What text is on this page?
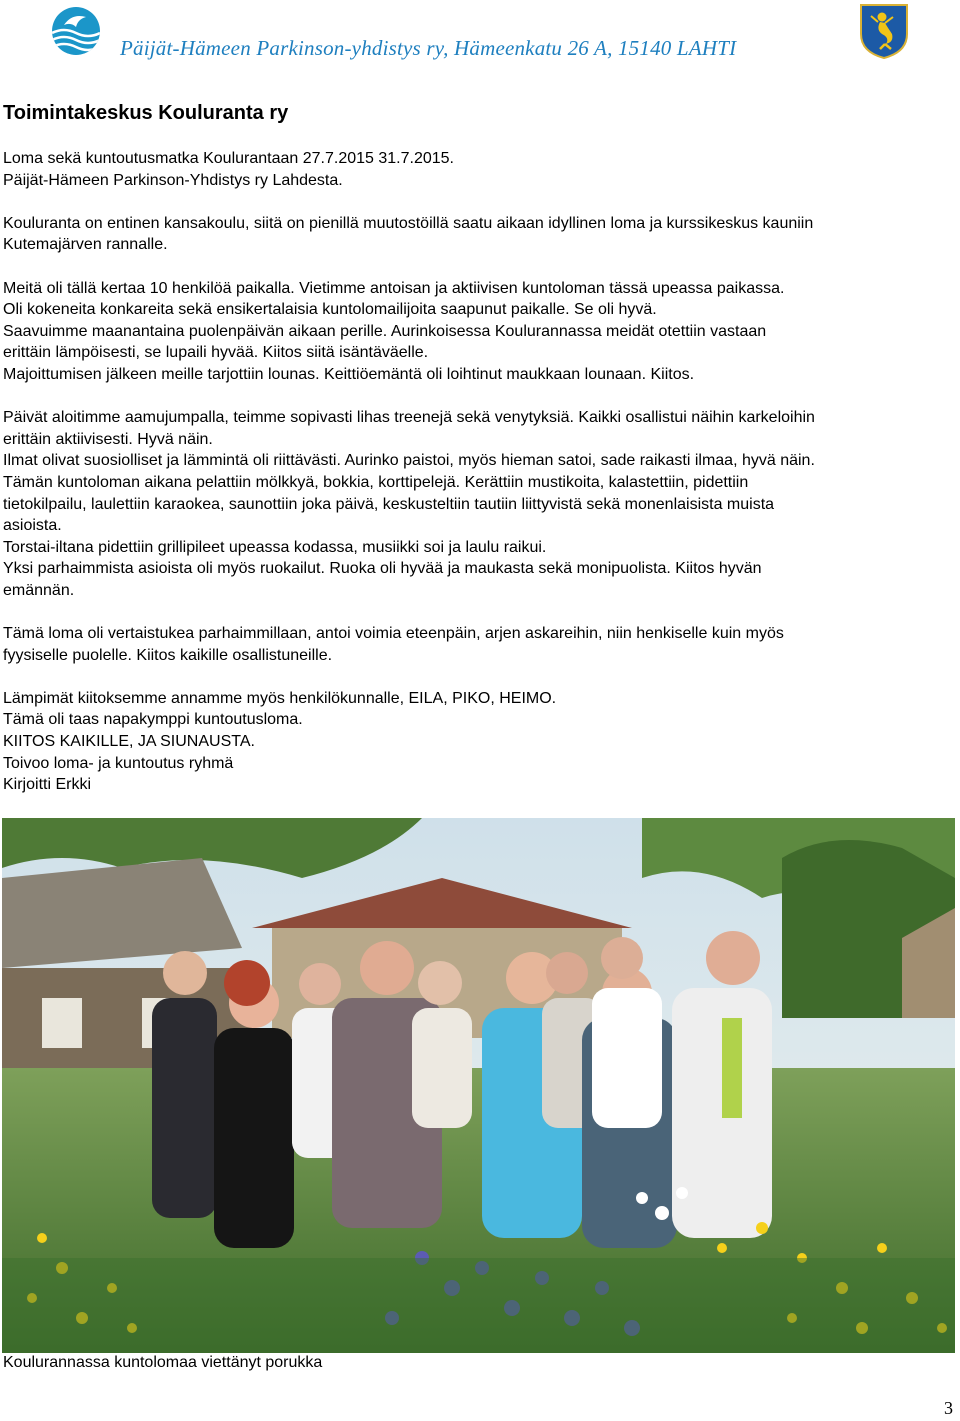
Päijät-Hämeen Parkinson-yhdistys ry, Hämeenkatu 26 A, 15140 LAHTI
Toimintakeskus Kouluranta ry

Loma sekä kuntoutusmatka Koulurantaan 27.7.2015 31.7.2015.
Päijät-Hämeen Parkinson-Yhdistys ry Lahdesta.

Kouluranta on entinen kansakoulu, siitä on pienillä muutostöillä saatu aikaan idyllinen loma ja kurssikeskus kauniin
Kutemajärven rannalle.

Meitä oli tällä kertaa 10 henkilöä paikalla. Vietimme antoisan ja aktiivisen kuntoloman tässä upeassa paikassa.
Oli kokeneita konkareita sekä ensikertalaisia kuntolomailijoita saapunut paikalle. Se oli hyvä.
Saavuimme maanantaina puolenpäivän aikaan perille. Aurinkoisessa Koulurannassa meidät otettiin vastaan
erittäin lämpöisesti, se lupaili hyvää. Kiitos siitä isäntäväelle.
Majoittumisen jälkeen meille tarjottiin lounas. Keittiöemäntä oli loihtinut maukkaan lounaan. Kiitos.

Päivät aloitimme aamujumpalla, teimme sopivasti lihas treenejä sekä venytyksiä. Kaikki osallistui näihin karkeloihin
erittäin aktiivisesti. Hyvä näin.
Ilmat olivat suosiolliset ja lämmintä oli riittävästi. Aurinko paistoi, myös hieman satoi, sade raikasti ilmaa, hyvä näin.
Tämän kuntoloman aikana pelattiin mölkkyä, bokkia, korttipelejä. Kerättiin mustikoita, kalastettiin, pidettiin
tietokilpailu, laulettiin karaokea, saunottiin joka päivä, keskusteltiin tautiin liittyvistä sekä monenlaisista muista
asioista.
Torstai-iltana pidettiin grillipileet upeassa kodassa, musiikki soi ja laulu raikui.
Yksi parhaimmista asioista oli myös ruokailut. Ruoka oli hyvää ja maukasta sekä monipuolista. Kiitos hyvän
emännän.

Tämä loma oli vertaistukea parhaimmillaan, antoi voimia eteenpäin, arjen askareihin, niin henkiselle kuin myös
fyysiselle puolelle. Kiitos kaikille osallistuneille.

Lämpimät kiitoksemme annamme myös henkilökunnalle, EILA, PIKO, HEIMO.
Tämä oli taas napakymppi kuntoutusloma.
KIITOS KAIKILLE, JA SIUNAUSTA.
Toivoo loma- ja kuntoutus ryhmä
Kirjoitti Erkki

Koulurannassa kuntolomaa viettänyt porukka
3
